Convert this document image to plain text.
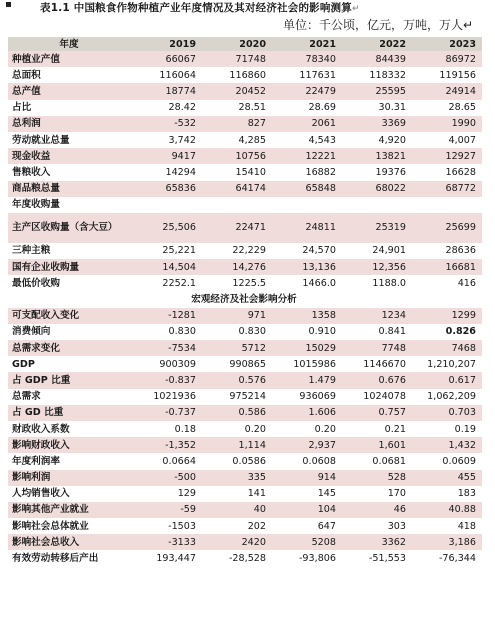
表1.1 中国粮食作物种植产业年度情况及其对经济社会的影响测算↵
单位：千公顷，亿元，万吨，万人↵
年度	2019	2020	2021	2022	2023
种植业产值	66067	71748	78340	84439	86972
总面积	116064	116860	117631	118332	119156
总产值	18774	20452	22479	25595	24914
占比	28.42	28.51	28.69	30.31	28.65
总利润	-532	827	2061	3369	1990
劳动就业总量	3,742	4,285	4,543	4,920	4,007
现金收益	9417	10756	12221	13821	12927
售粮收入	14294	15410	16882	19376	16628
商品粮总量	65836	64174	65848	68022	68772
年度收购量					
主产区收购量（含大豆）	25,506	22471	24811	25319	25699
三种主粮	25,221	22,229	24,570	24,901	28636
国有企业收购量	14,504	14,276	13,136	12,356	16681
最低价收购	2252.1	1225.5	1466.0	1188.0	416
宏观经济及社会影响分析					
可支配收入变化	-1281	971	1358	1234	1299
消费倾向	0.830	0.830	0.910	0.841	0.826
总需求变化	-7534	5712	15029	7748	7468
GDP	900309	990865	1015986	1146670	1,210,207
占 GDP 比重	-0.837	0.576	1.479	0.676	0.617
总需求	1021936	975214	936069	1024078	1,062,209
占 GD 比重	-0.737	0.586	1.606	0.757	0.703
财政收入系数	0.18	0.20	0.20	0.21	0.19
影响财政收入	-1,352	1,114	2,937	1,601	1,432
年度利润率	0.0664	0.0586	0.0608	0.0681	0.0609
影响利润	-500	335	914	528	455
人均销售收入	129	141	145	170	183
影响其他产业就业	-59	40	104	46	40.88
影响社会总体就业	-1503	202	647	303	418
影响社会总收入	-3133	2420	5208	3362	3,186
有效劳动转移后产出	193,447	-28,528	-93,806	-51,553	-76,344
